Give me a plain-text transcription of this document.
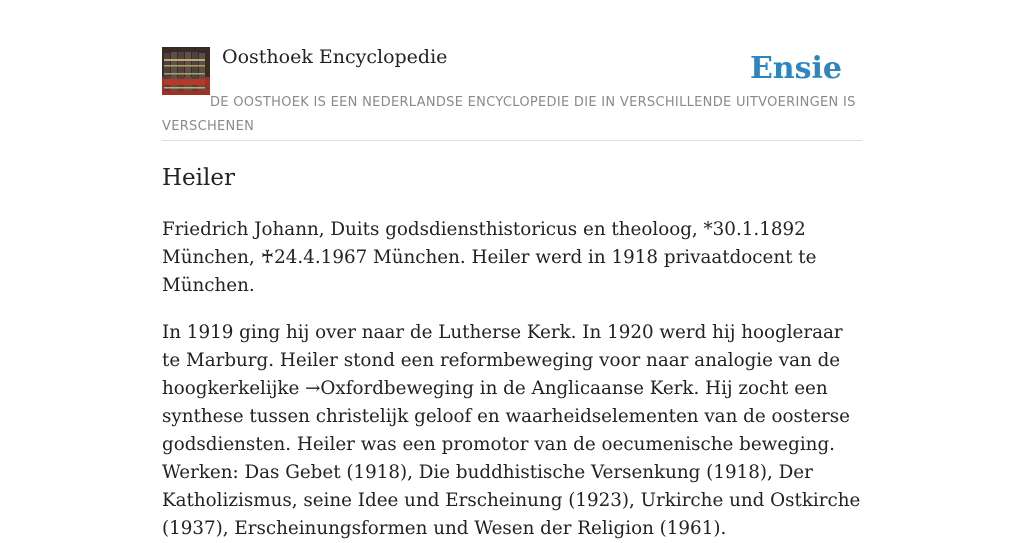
Oosthoek Encyclopedie	Ensie
DE OOSTHOEK IS EEN NEDERLANDSE ENCYCLOPEDIE DIE IN VERSCHILLENDE UITVOERINGEN IS VERSCHENEN
Heiler

Friedrich Johann, Duits godsdiensthistoricus en theoloog, *30.1.1892 München, ♰24.4.1967 München. Heiler werd in 1918 privaatdocent te München.

In 1919 ging hij over naar de Lutherse Kerk. In 1920 werd hij hoogleraar te Marburg. Heiler stond een reformbeweging voor naar analogie van de hoogkerkelijke →Oxfordbeweging in de Anglicaanse Kerk. Hij zocht een synthese tussen christelijk geloof en waarheidselementen van de oosterse godsdiensten. Heiler was een promotor van de oecumenische beweging. Werken: Das Gebet (1918), Die buddhistische Versenkung (1918), Der Katholizismus, seine Idee und Erscheinung (1923), Urkirche und Ostkirche (1937), Erscheinungsformen und Wesen der Religion (1961).
